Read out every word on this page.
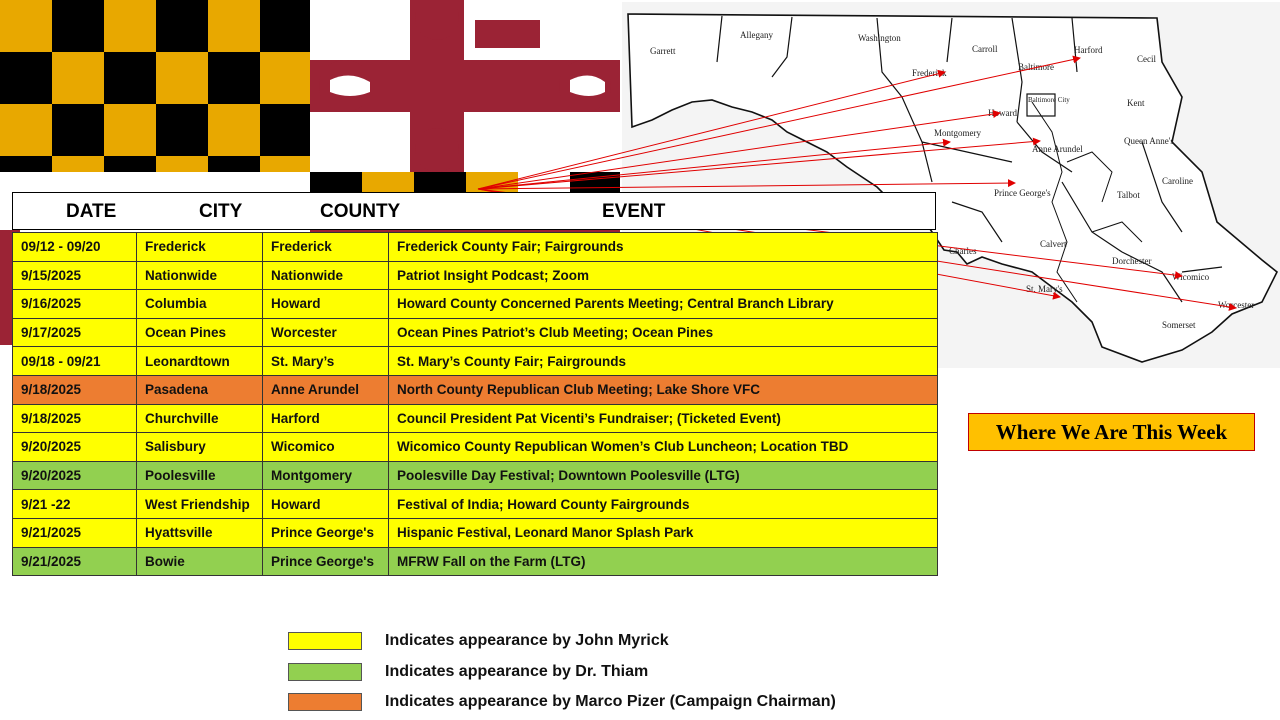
Garrett
Allegany	Washington
Frederick
Carroll
Baltimore
Harford
Cecil
Baltimore City
Howard
Kent
Montgomery
Anne Arundel
Queen Anne's
Caroline
Talbot
Prince George's
Calvert
Charles
Dorchester
St. Mary's
Wicomico
Somerset
Worcester
DATE	CITY	COUNTY	EVENT
09/12 - 09/20	Frederick	Frederick	Frederick County Fair; Fairgrounds
9/15/2025	Nationwide	Nationwide	Patriot Insight Podcast; Zoom
9/16/2025	Columbia	Howard	Howard County Concerned Parents Meeting; Central Branch Library
9/17/2025	Ocean Pines	Worcester	Ocean Pines Patriot’s Club Meeting; Ocean Pines
09/18 - 09/21	Leonardtown	St. Mary’s	St. Mary’s County Fair; Fairgrounds
9/18/2025	Pasadena	Anne Arundel	North County Republican Club Meeting; Lake Shore VFC
9/18/2025	Churchville	Harford	Council President Pat Vicenti’s Fundraiser; (Ticketed Event)
9/20/2025	Salisbury	Wicomico	Wicomico County Republican Women’s Club Luncheon; Location TBD
9/20/2025	Poolesville	Montgomery	Poolesville Day Festival; Downtown Poolesville (LTG)
9/21 -22	West Friendship	Howard	Festival of India; Howard County Fairgrounds
9/21/2025	Hyattsville	Prince George's	Hispanic Festival, Leonard Manor Splash Park
9/21/2025	Bowie	Prince George's	MFRW Fall on the Farm (LTG)
Where We Are This Week
Indicates appearance by John Myrick
Indicates appearance by Dr. Thiam
Indicates appearance by Marco Pizer (Campaign Chairman)
